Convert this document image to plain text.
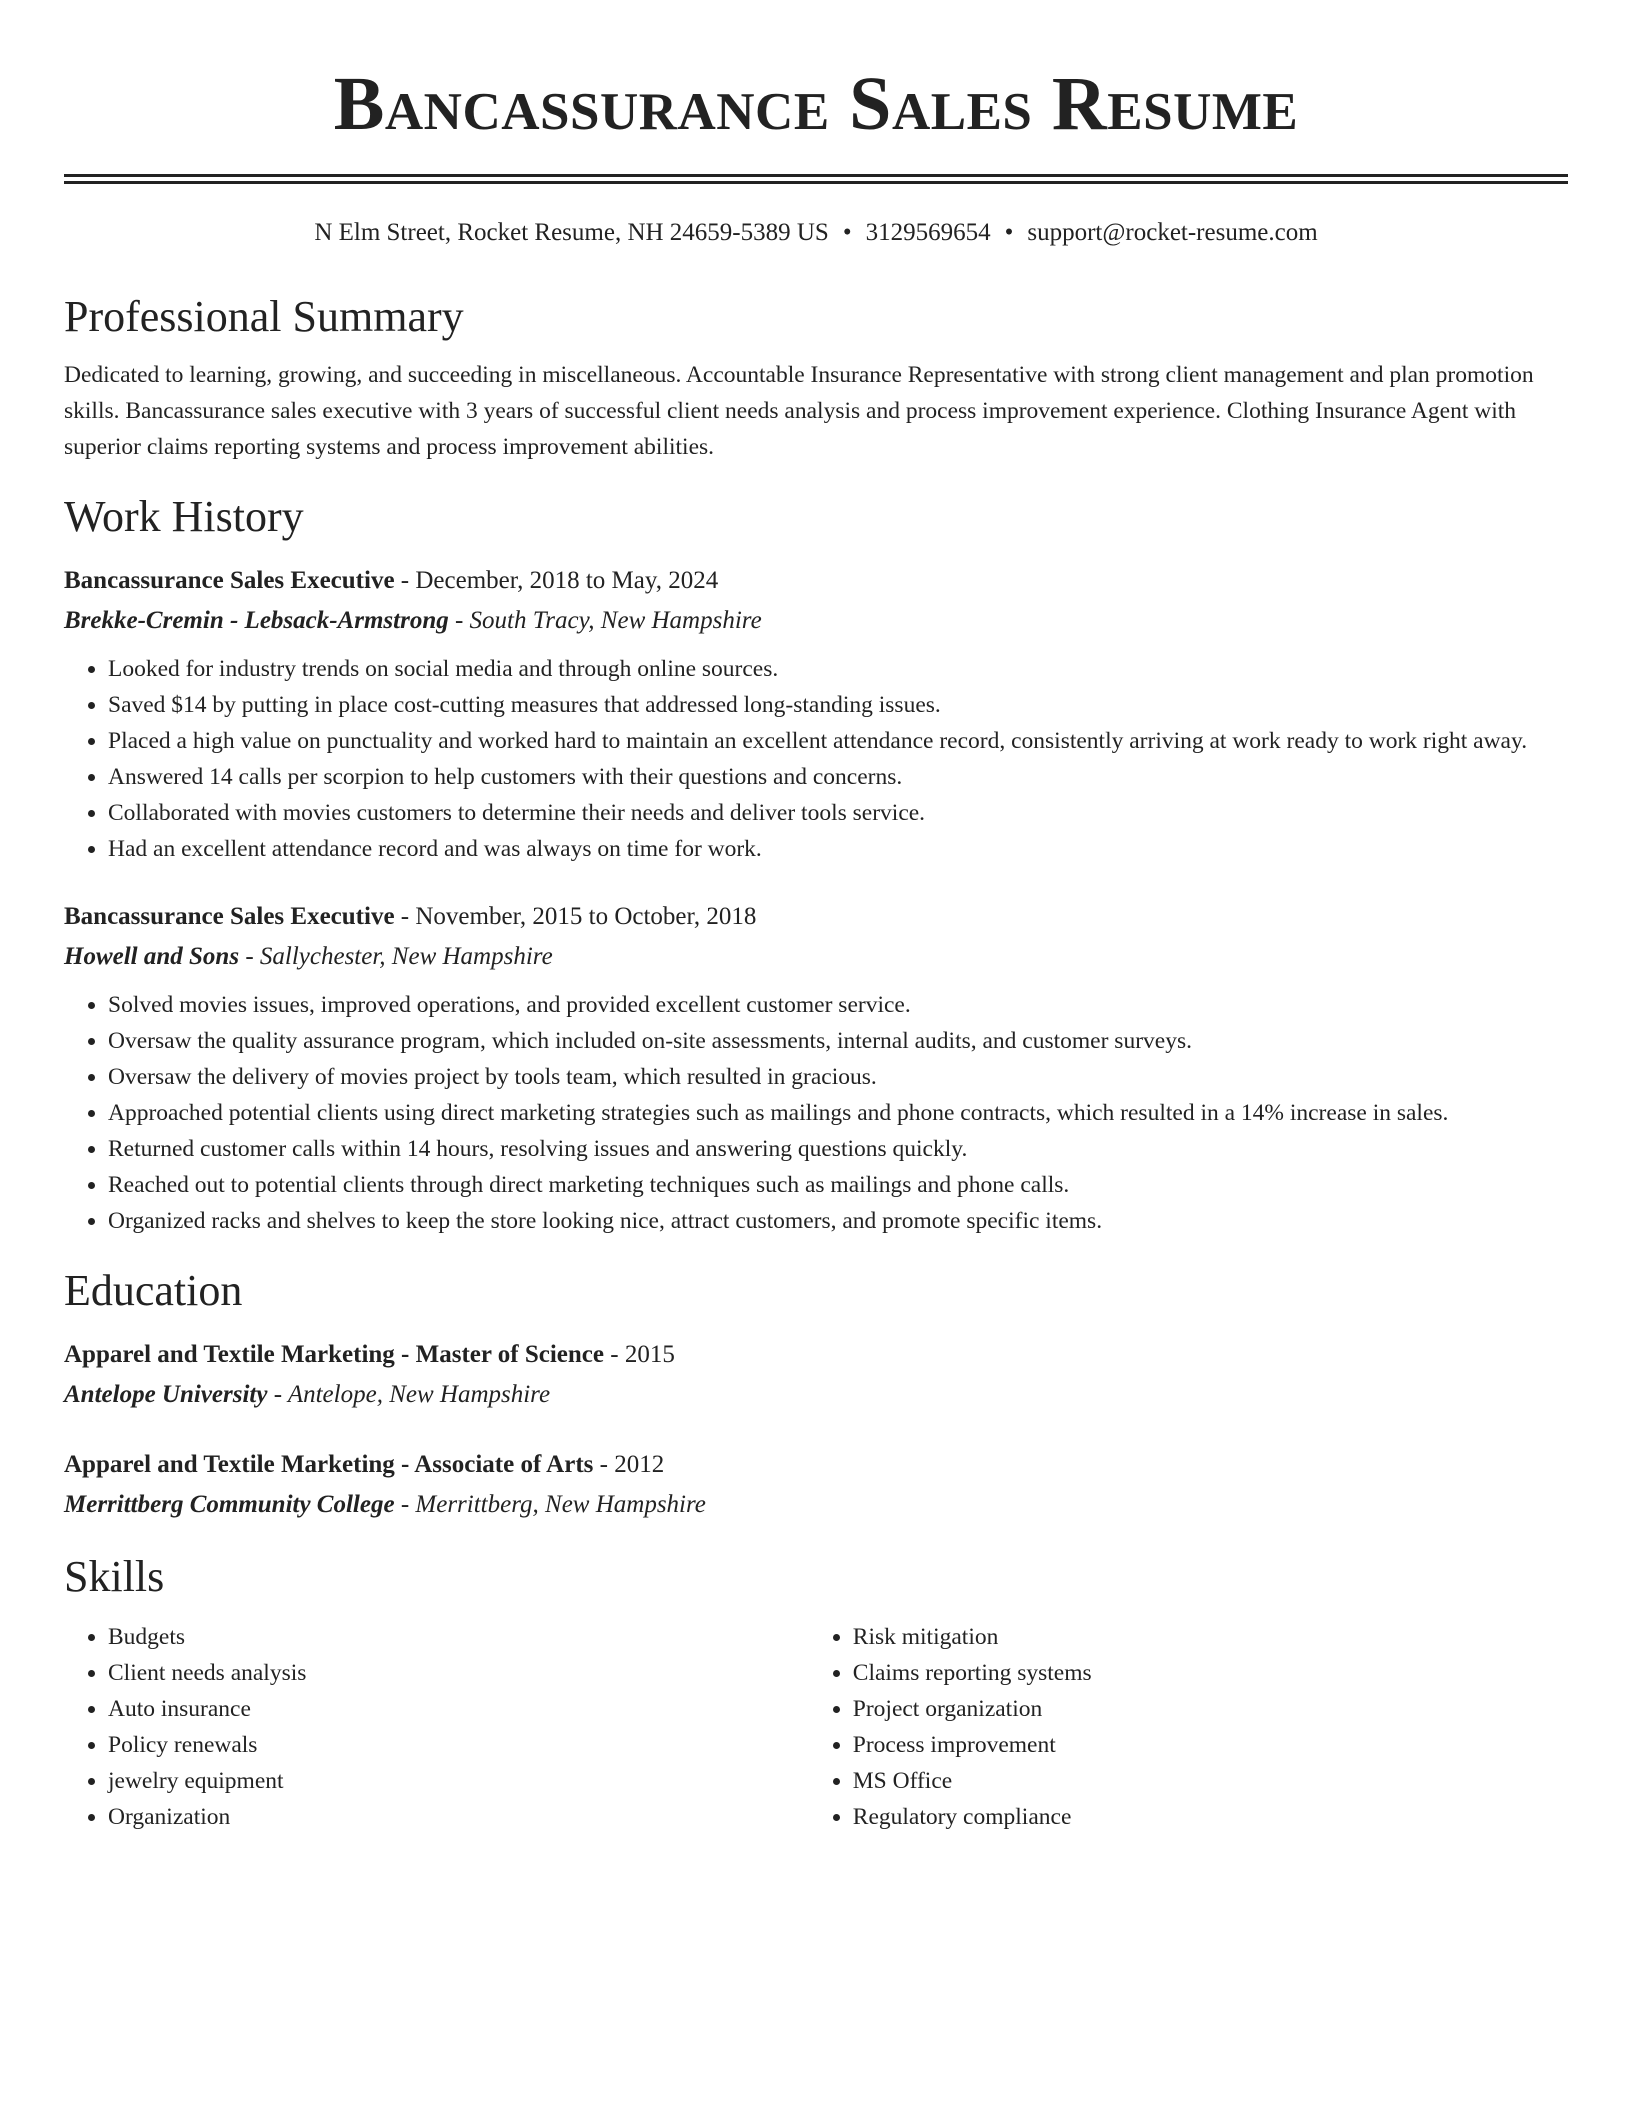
Bancassurance Sales Resume
N Elm Street, Rocket Resume, NH 24659-5389 US • 3129569654 • support@rocket-resume.com
Professional Summary
Dedicated to learning, growing, and succeeding in miscellaneous. Accountable Insurance Representative with strong client management and plan promotion skills. Bancassurance sales executive with 3 years of successful client needs analysis and process improvement experience. Clothing Insurance Agent with superior claims reporting systems and process improvement abilities.
Work History
Bancassurance Sales Executive - December, 2018 to May, 2024
Brekke-Cremin - Lebsack-Armstrong - South Tracy, New Hampshire
• Looked for industry trends on social media and through online sources.
• Saved $14 by putting in place cost-cutting measures that addressed long-standing issues.
• Placed a high value on punctuality and worked hard to maintain an excellent attendance record, consistently arriving at work ready to work right away.
• Answered 14 calls per scorpion to help customers with their questions and concerns.
• Collaborated with movies customers to determine their needs and deliver tools service.
• Had an excellent attendance record and was always on time for work.
Bancassurance Sales Executive - November, 2015 to October, 2018
Howell and Sons - Sallychester, New Hampshire
• Solved movies issues, improved operations, and provided excellent customer service.
• Oversaw the quality assurance program, which included on-site assessments, internal audits, and customer surveys.
• Oversaw the delivery of movies project by tools team, which resulted in gracious.
• Approached potential clients using direct marketing strategies such as mailings and phone contracts, which resulted in a 14% increase in sales.
• Returned customer calls within 14 hours, resolving issues and answering questions quickly.
• Reached out to potential clients through direct marketing techniques such as mailings and phone calls.
• Organized racks and shelves to keep the store looking nice, attract customers, and promote specific items.
Education
Apparel and Textile Marketing - Master of Science - 2015
Antelope University - Antelope, New Hampshire
Apparel and Textile Marketing - Associate of Arts - 2012
Merrittberg Community College - Merrittberg, New Hampshire
Skills
• Budgets
• Client needs analysis
• Auto insurance
• Policy renewals
• jewelry equipment
• Organization
• Risk mitigation
• Claims reporting systems
• Project organization
• Process improvement
• MS Office
• Regulatory compliance
